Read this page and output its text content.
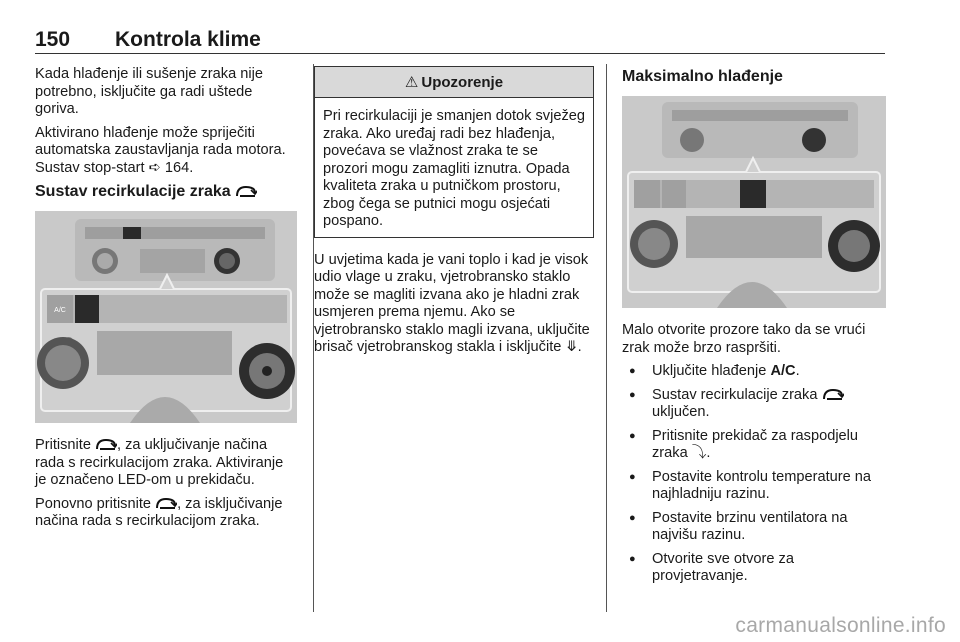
150 Kontrola klime

Kada hlađenje ili sušenje zraka nije potrebno, isključite ga radi uštede goriva.

Aktivirano hlađenje može spriječiti automatska zaustavljanja rada motora. Sustav stop-start ➪ 164.

Sustav recirkulacije zraka
A/C

Pritisnite , za uključivanje načina rada s recirkulacijom zraka. Aktiviranje je označeno LED-om u prekidaču.

Ponovno pritisnite , za isključivanje načina rada s recirkulacijom zraka.

⚠ Upozorenje
Pri recirkulaciji je smanjen dotok svježeg zraka. Ako uređaj radi bez hlađenja, povećava se vlažnost zraka te se prozori mogu zamagliti iznutra. Opada kvaliteta zraka u putničkom prostoru, zbog čega se putnici mogu osjećati pospano.

U uvjetima kada je vani toplo i kad je visok udio vlage u zraku, vjetrobransko staklo može se magliti izvana ako je hladni zrak usmjeren prema njemu. Ako se vjetrobransko staklo magli izvana, uključite brisač vjetrobranskog stakla i isključite ⤋.

Maksimalno hlađenje

Malo otvorite prozore tako da se vrući zrak može brzo raspršiti.

● Uključite hlađenje A/C.
● Sustav recirkulacije zraka  uključen.
● Pritisnite prekidač za raspodjelu zraka ⤵.
● Postavite kontrolu temperature na najhladniju razinu.
● Postavite brzinu ventilatora na najvišu razinu.
● Otvorite sve otvore za provjetravanje.
carmanualsonline.info
